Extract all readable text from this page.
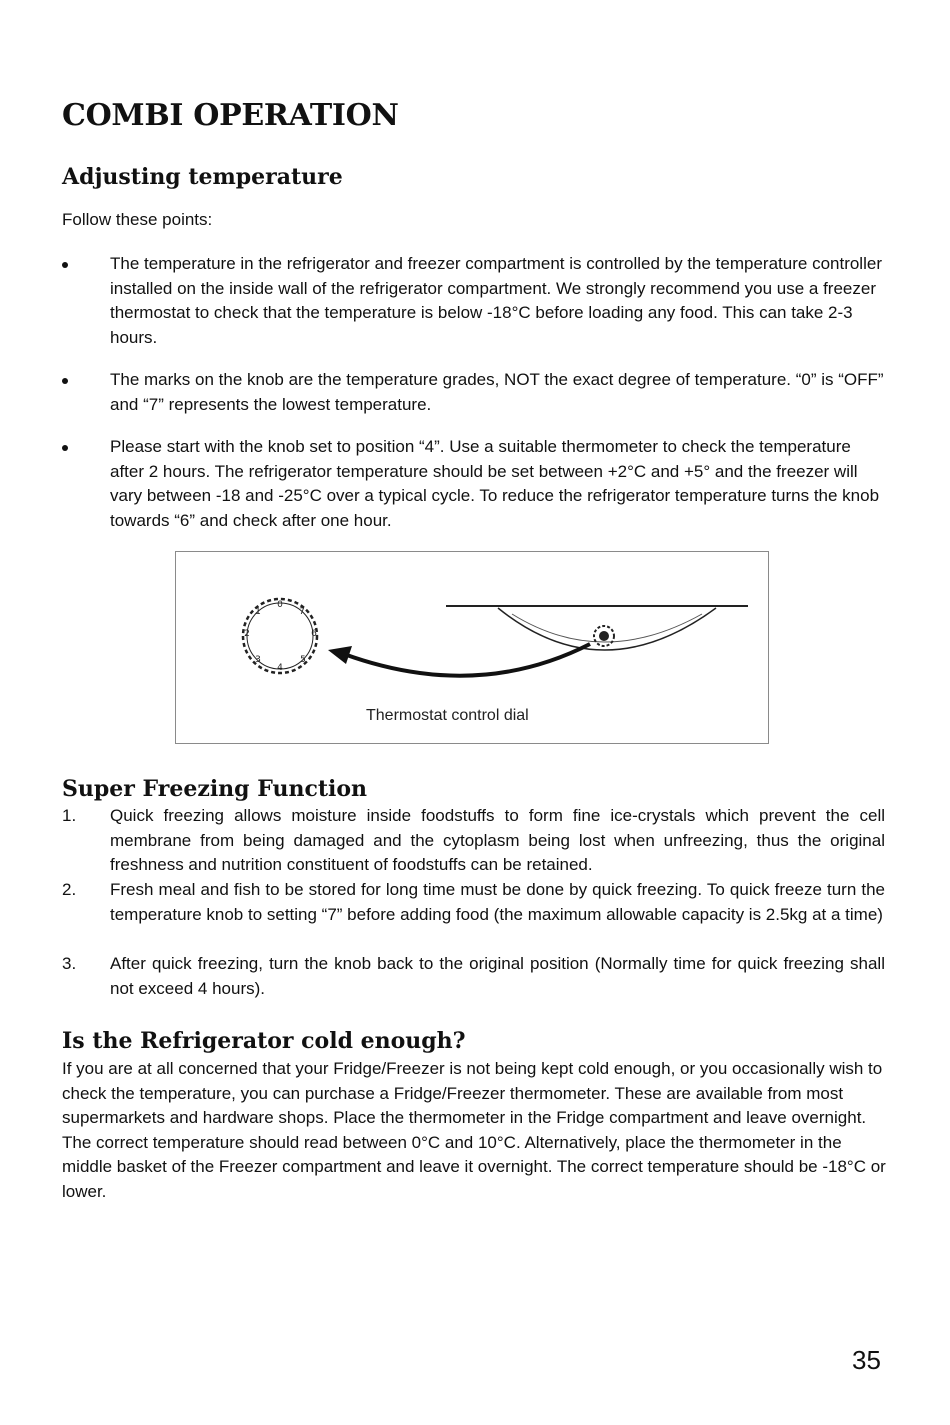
COMBI OPERATION
Adjusting temperature

Follow these points:

The temperature in the refrigerator and freezer compartment is controlled by the temperature controller installed on the inside wall of the refrigerator compartment. We strongly recommend you use a freezer thermostat to check that the temperature is below -18°C before loading any food. This can take 2-3 hours.
The marks on the knob are the temperature grades, NOT the exact degree of temperature. “0” is “OFF” and “7” represents the lowest temperature.
Please start with the knob set to position “4”. Use a suitable thermometer to check the temperature after 2 hours. The refrigerator temperature should be set between +2°C and +5° and the freezer will vary between -18 and -25°C over a typical cycle. To reduce the refrigerator temperature turns the knob towards “6” and check after one hour.
0
1
2
3
4
5
6
7
Thermostat control dial
Super Freezing Function
1. Quick freezing allows moisture inside foodstuffs to form fine ice-crystals which prevent the cell membrane from being damaged and the cytoplasm being lost when unfreezing, thus the original freshness and nutrition constituent of foodstuffs can be retained.
2. Fresh meal and fish to be stored for long time must be done by quick freezing. To quick freeze turn the temperature knob to setting “7” before adding food (the maximum allowable capacity is 2.5kg at a time)
3. After quick freezing, turn the knob back to the original position (Normally time for quick freezing shall not exceed 4 hours).
Is the Refrigerator cold enough?

If you are at all concerned that your Fridge/Freezer is not being kept cold enough, or you occasionally wish to check the temperature, you can purchase a Fridge/Freezer thermometer. These are available from most supermarkets and hardware shops. Place the thermometer in the Fridge compartment and leave overnight. The correct temperature should read between 0°C and 10°C. Alternatively, place the thermometer in the middle basket of the Freezer compartment and leave it overnight. The correct temperature should be -18°C or lower.

35
